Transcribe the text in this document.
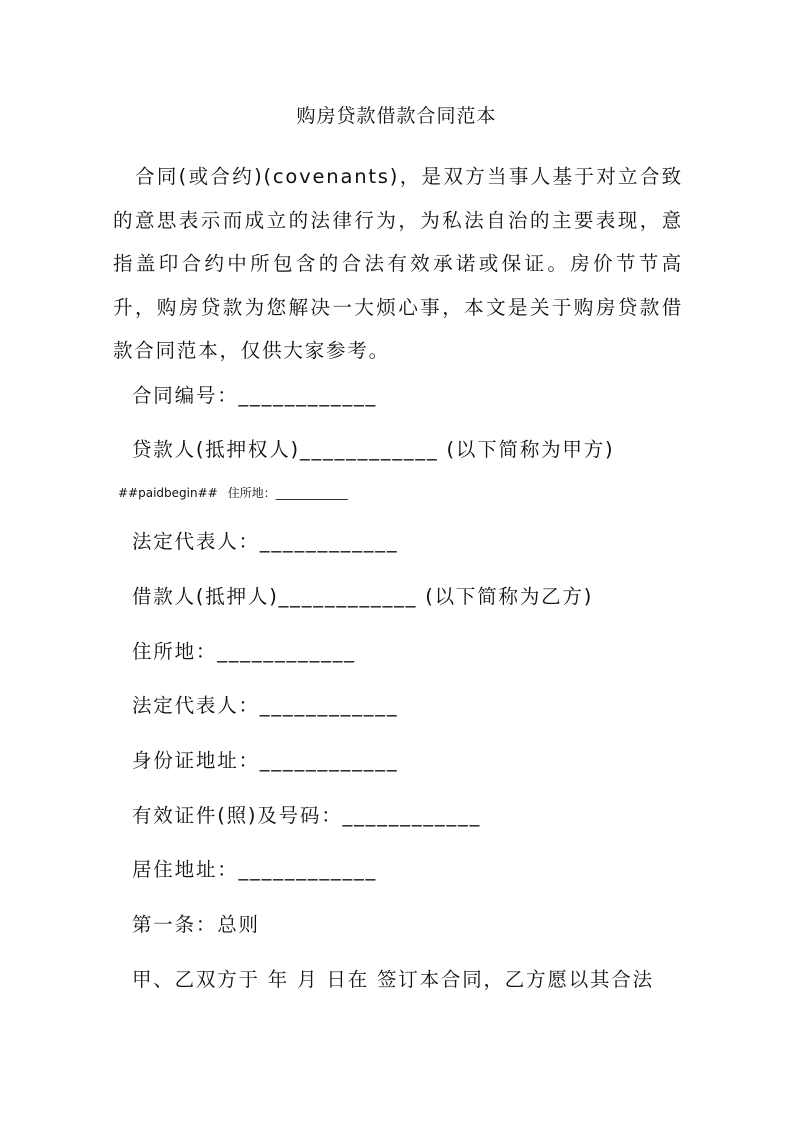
购房贷款借款合同范本

合同(或合约)(covenants)，是双方当事人基于对立合致的意思表示而成立的法律行为，为私法自治的主要表现，意指盖印合约中所包含的合法有效承诺或保证。房价节节高升，购房贷款为您解决一大烦心事，本文是关于购房贷款借款合同范本，仅供大家参考。

合同编号：____________
贷款人(抵押权人)____________ (以下简称为甲方)
##paidbegin## 住所地：____________
法定代表人：____________
借款人(抵押人)____________ (以下简称为乙方)
住所地：____________
法定代表人：____________
身份证地址：____________
有效证件(照)及号码：____________
居住地址：____________
第一条：总则
甲、乙双方于 年 月 日在 签订本合同，乙方愿以其合法
